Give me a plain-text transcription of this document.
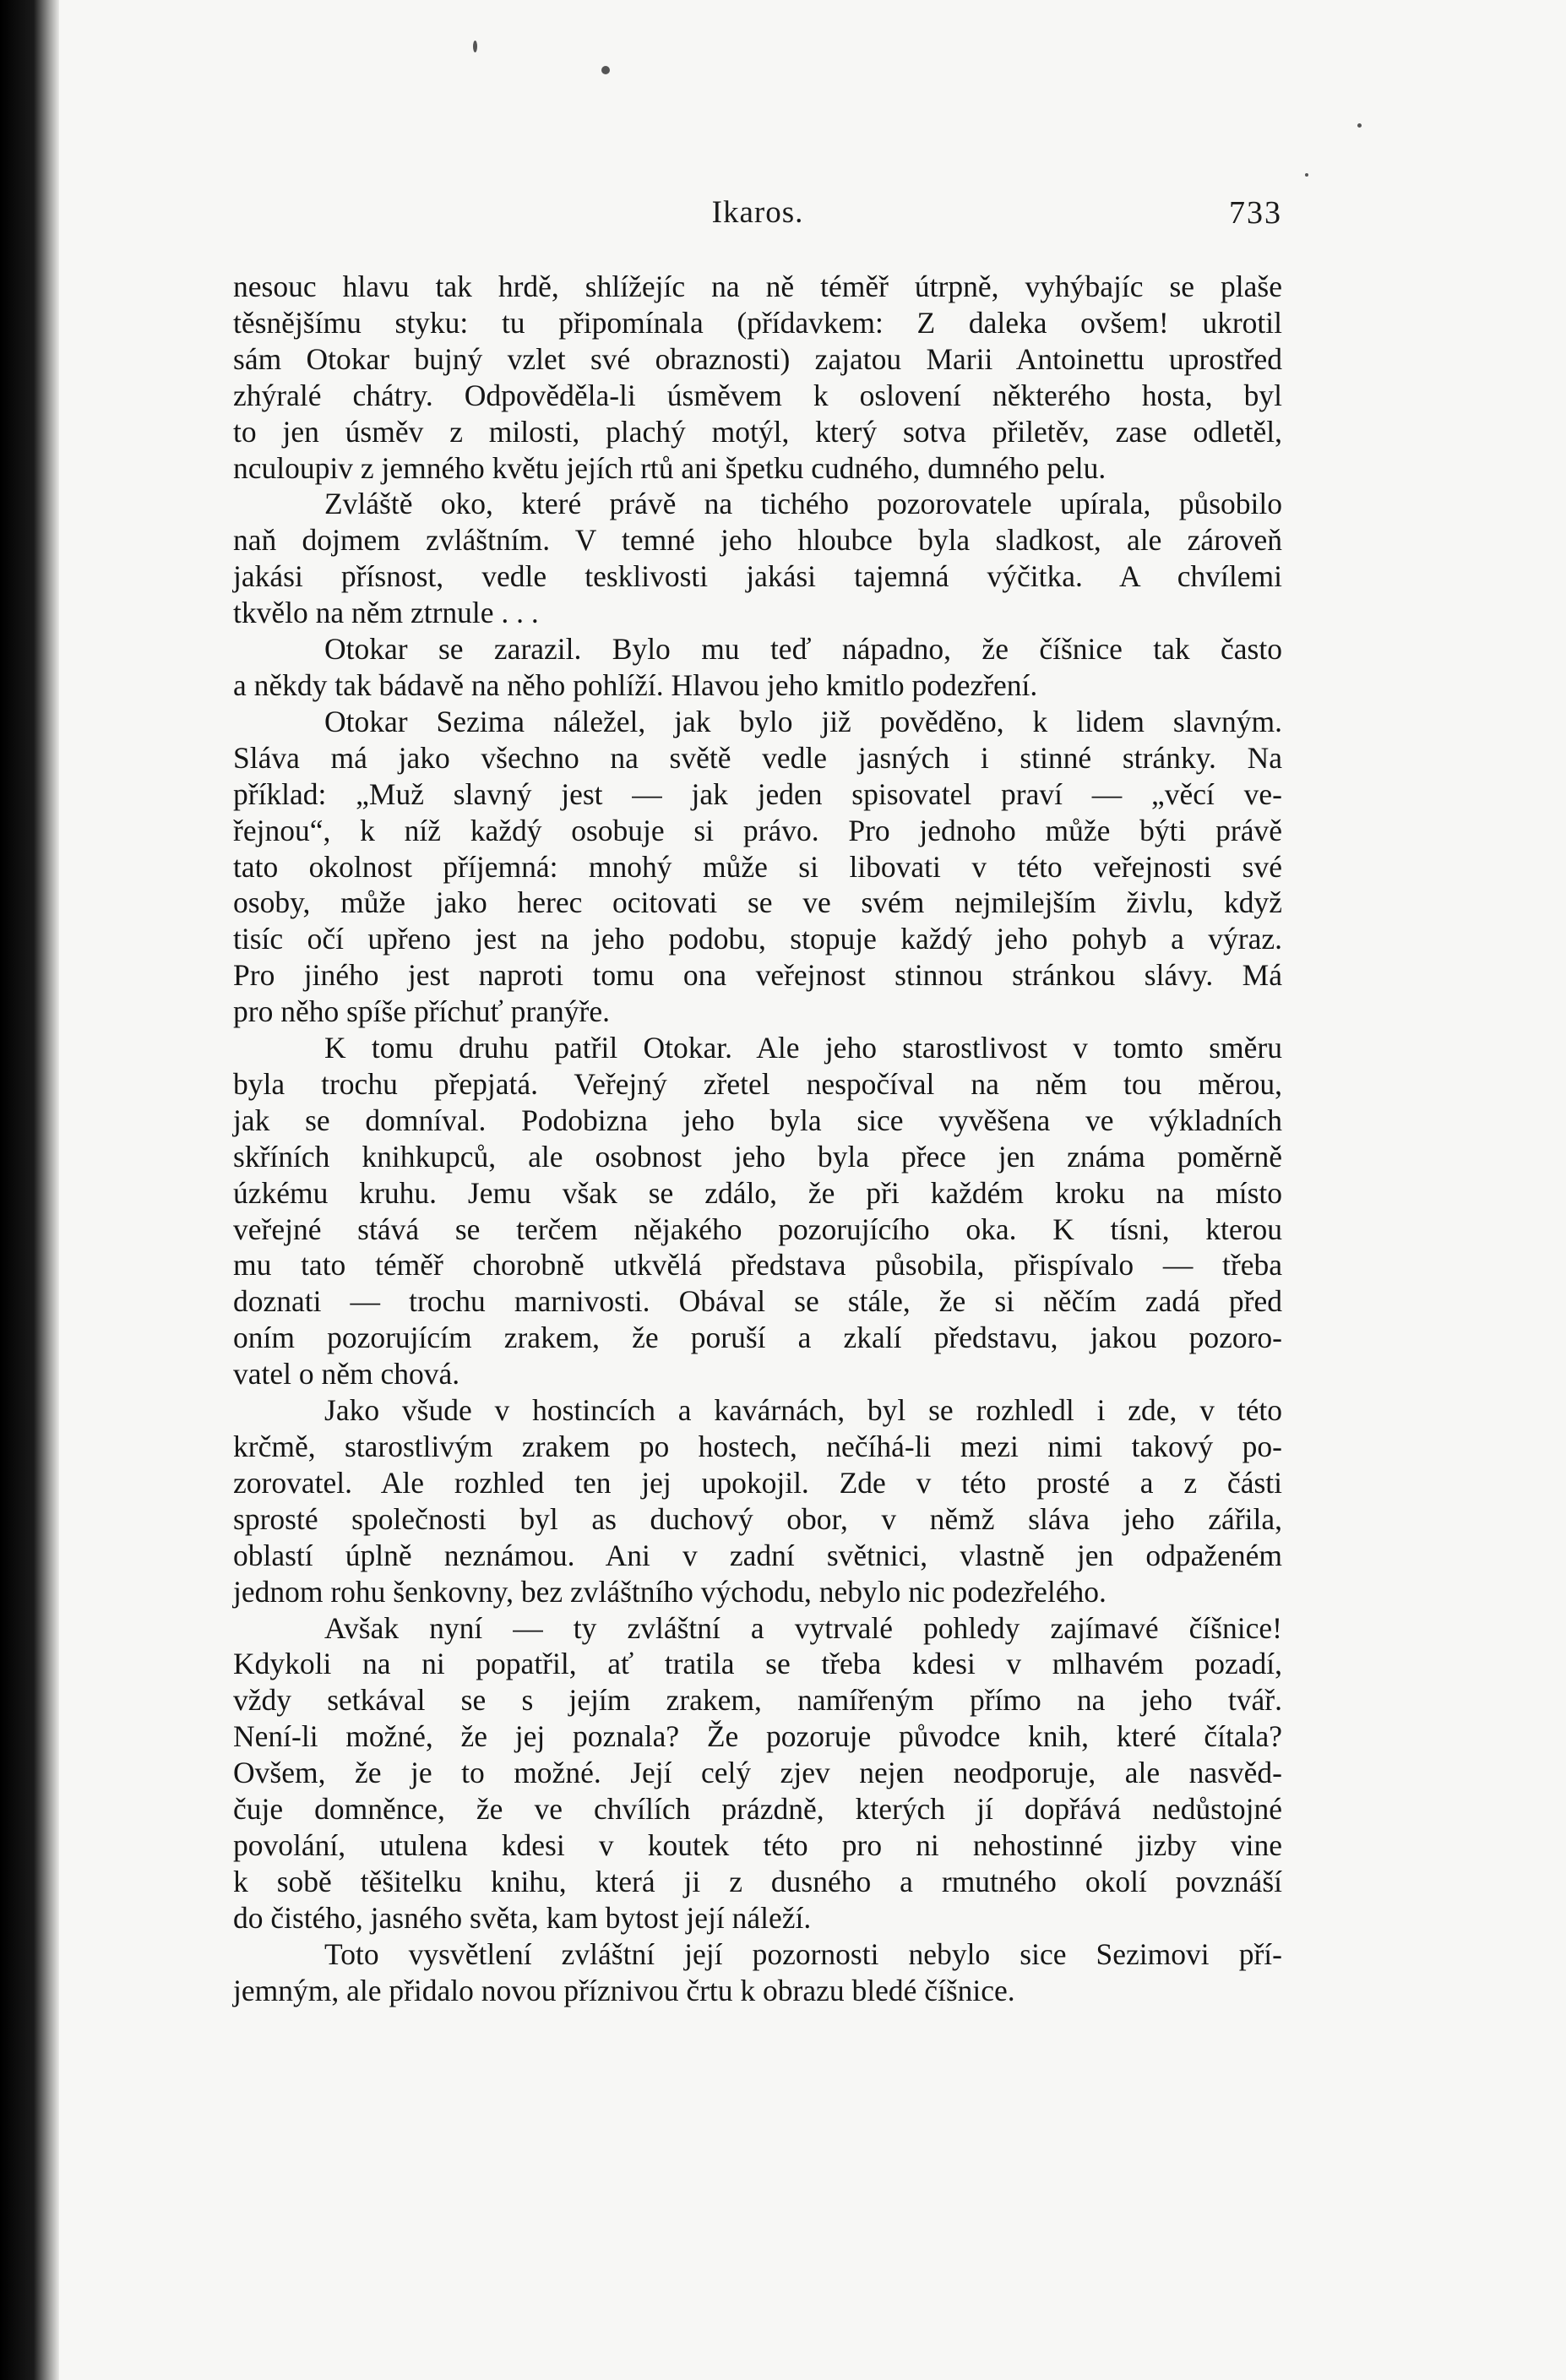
Ikaros.	733
nesouc hlavu tak hrdě, shlížejíc na ně téměř útrpně, vyhýbajíc se plaše
těsnějšímu styku: tu připomínala (přídavkem: Z daleka ovšem! ukrotil
sám Otokar bujný vzlet své obraznosti) zajatou Marii Antoinettu uprostřed
zhýralé chátry. Odpověděla-li úsměvem k oslovení některého hosta, byl
to jen úsměv z milosti, plachý motýl, který sotva přiletěv, zase odletěl,
nculoupiv z jemného květu jejích rtů ani špetku cudného, dumného pelu.
Zvláště oko, které právě na tichého pozorovatele upírala, působilo
naň dojmem zvláštním. V temné jeho hloubce byla sladkost, ale zároveň
jakási přísnost, vedle tesklivosti jakási tajemná výčitka. A chvílemi
tkvělo na něm ztrnule . . .
Otokar se zarazil. Bylo mu teď nápadno, že číšnice tak často
a někdy tak bádavě na něho pohlíží. Hlavou jeho kmitlo podezření.
Otokar Sezima náležel, jak bylo již pověděno, k lidem slavným.
Sláva má jako všechno na světě vedle jasných i stinné stránky. Na
příklad: „Muž slavný jest — jak jeden spisovatel praví — „věcí ve-
řejnou“, k níž každý osobuje si právo. Pro jednoho může býti právě
tato okolnost příjemná: mnohý může si libovati v této veřejnosti své
osoby, může jako herec ocitovati se ve svém nejmilejším živlu, když
tisíc očí upřeno jest na jeho podobu, stopuje každý jeho pohyb a výraz.
Pro jiného jest naproti tomu ona veřejnost stinnou stránkou slávy. Má
pro něho spíše příchuť pranýře.
K tomu druhu patřil Otokar. Ale jeho starostlivost v tomto směru
byla trochu přepjatá. Veřejný zřetel nespočíval na něm tou měrou,
jak se domníval. Podobizna jeho byla sice vyvěšena ve výkladních
skříních knihkupců, ale osobnost jeho byla přece jen známa poměrně
úzkému kruhu. Jemu však se zdálo, že při každém kroku na místo
veřejné stává se terčem nějakého pozorujícího oka. K tísni, kterou
mu tato téměř chorobně utkvělá představa působila, přispívalo — třeba
doznati — trochu marnivosti. Obával se stále, že si něčím zadá před
oním pozorujícím zrakem, že poruší a zkalí představu, jakou pozoro-
vatel o něm chová.
Jako všude v hostincích a kavárnách, byl se rozhledl i zde, v této
krčmě, starostlivým zrakem po hostech, nečíhá-li mezi nimi takový po-
zorovatel. Ale rozhled ten jej upokojil. Zde v této prosté a z části
sprosté společnosti byl as duchový obor, v němž sláva jeho zářila,
oblastí úplně neznámou. Ani v zadní světnici, vlastně jen odpaženém
jednom rohu šenkovny, bez zvláštního východu, nebylo nic podezřelého.
Avšak nyní — ty zvláštní a vytrvalé pohledy zajímavé číšnice!
Kdykoli na ni popatřil, ať tratila se třeba kdesi v mlhavém pozadí,
vždy setkával se s jejím zrakem, namířeným přímo na jeho tvář.
Není-li možné, že jej poznala? Že pozoruje původce knih, které čítala?
Ovšem, že je to možné. Její celý zjev nejen neodporuje, ale nasvěd-
čuje domněnce, že ve chvílích prázdně, kterých jí dopřává nedůstojné
povolání, utulena kdesi v koutek této pro ni nehostinné jizby vine
k sobě těšitelku knihu, která ji z dusného a rmutného okolí povznáší
do čistého, jasného světa, kam bytost její náleží.
Toto vysvětlení zvláštní její pozornosti nebylo sice Sezimovi pří-
jemným, ale přidalo novou příznivou črtu k obrazu bledé číšnice.
